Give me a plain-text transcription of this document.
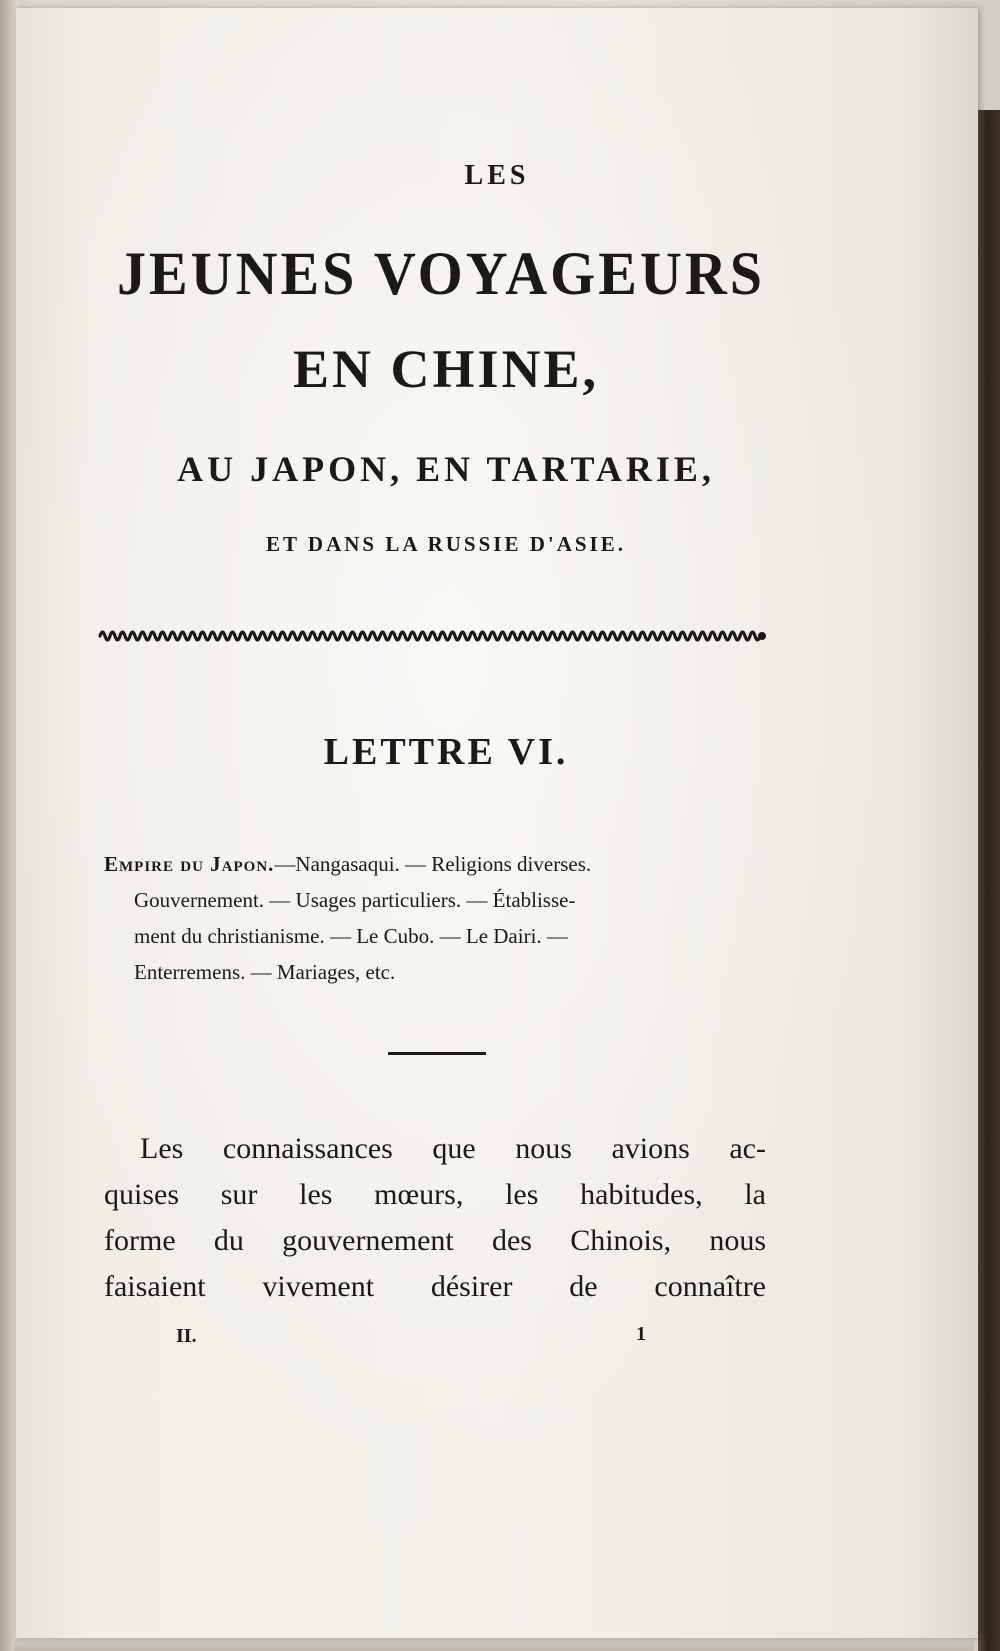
LES
JEUNES VOYAGEURS
EN CHINE,
AU JAPON, EN TARTARIE,
ET DANS LA RUSSIE D'ASIE.
LETTRE VI.
Empire du Japon.—Nangasaqui. — Religions diverses.
Gouvernement. — Usages particuliers. — Établisse-
ment du christianisme. — Le Cubo. — Le Dairi. —
Enterremens. — Mariages, etc.
Les connaissances que nous avions ac-
quises sur les mœurs, les habitudes, la
forme du gouvernement des Chinois, nous
faisaient vivement désirer de connaître
II.	1
